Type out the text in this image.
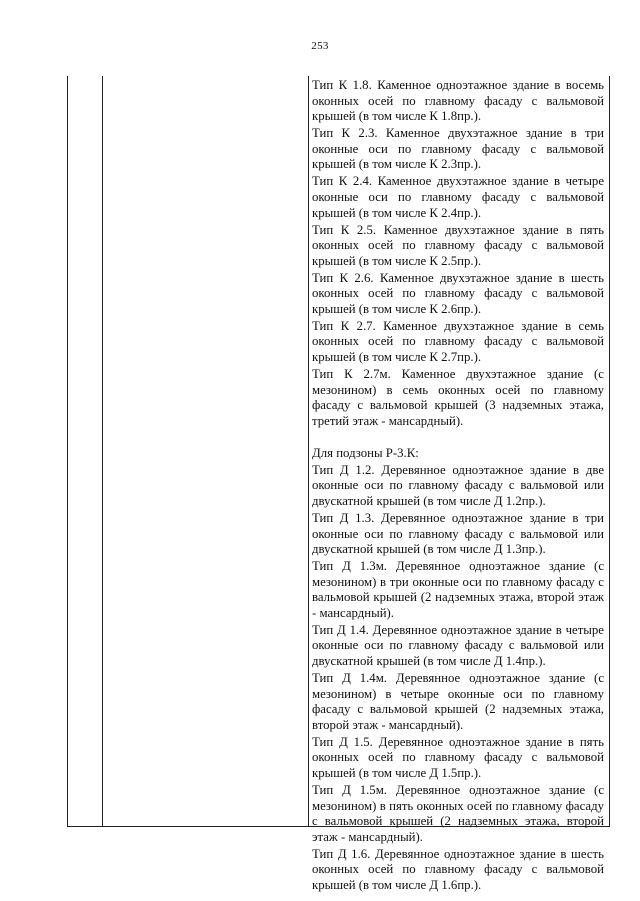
253

Тип К 1.8. Каменное одноэтажное здание в восемь оконных осей по главному фасаду с вальмовой крышей (в том числе К 1.8пр.).

Тип К 2.3. Каменное двухэтажное здание в три оконные оси по главному фасаду с вальмовой крышей (в том числе К 2.3пр.).

Тип К 2.4. Каменное двухэтажное здание в четыре оконные оси по главному фасаду с вальмовой крышей (в том числе К 2.4пр.).

Тип К 2.5. Каменное двухэтажное здание в пять оконных осей по главному фасаду с вальмовой крышей (в том числе К 2.5пр.).

Тип К 2.6. Каменное двухэтажное здание в шесть оконных осей по главному фасаду с вальмовой крышей (в том числе К 2.6пр.).

Тип К 2.7. Каменное двухэтажное здание в семь оконных осей по главному фасаду с вальмовой крышей (в том числе К 2.7пр.).

Тип К 2.7м. Каменное двухэтажное здание (с мезонином) в семь оконных осей по главному фасаду с вальмовой крышей (3 надземных этажа, третий этаж - мансардный).

Для подзоны Р-3.К:

Тип Д 1.2. Деревянное одноэтажное здание в две оконные оси по главному фасаду с вальмовой или двускатной крышей (в том числе Д 1.2пр.).

Тип Д 1.3. Деревянное одноэтажное здание в три оконные оси по главному фасаду с вальмовой или двускатной крышей (в том числе Д 1.3пр.).

Тип Д 1.3м. Деревянное одноэтажное здание (с мезонином) в три оконные оси по главному фасаду с вальмовой крышей (2 надземных этажа, второй этаж - мансардный).

Тип Д 1.4. Деревянное одноэтажное здание в четыре оконные оси по главному фасаду с вальмовой или двускатной крышей (в том числе Д 1.4пр.).

Тип Д 1.4м. Деревянное одноэтажное здание (с мезонином) в четыре оконные оси по главному фасаду с вальмовой крышей (2 надземных этажа, второй этаж - мансардный).

Тип Д 1.5. Деревянное одноэтажное здание в пять оконных осей по главному фасаду с вальмовой крышей (в том числе Д 1.5пр.).

Тип Д 1.5м. Деревянное одноэтажное здание (с мезонином) в пять оконных осей по главному фасаду с вальмовой крышей (2 надземных этажа, второй этаж - мансардный).

Тип Д 1.6. Деревянное одноэтажное здание в шесть оконных осей по главному фасаду с вальмовой крышей (в том числе Д 1.6пр.).
